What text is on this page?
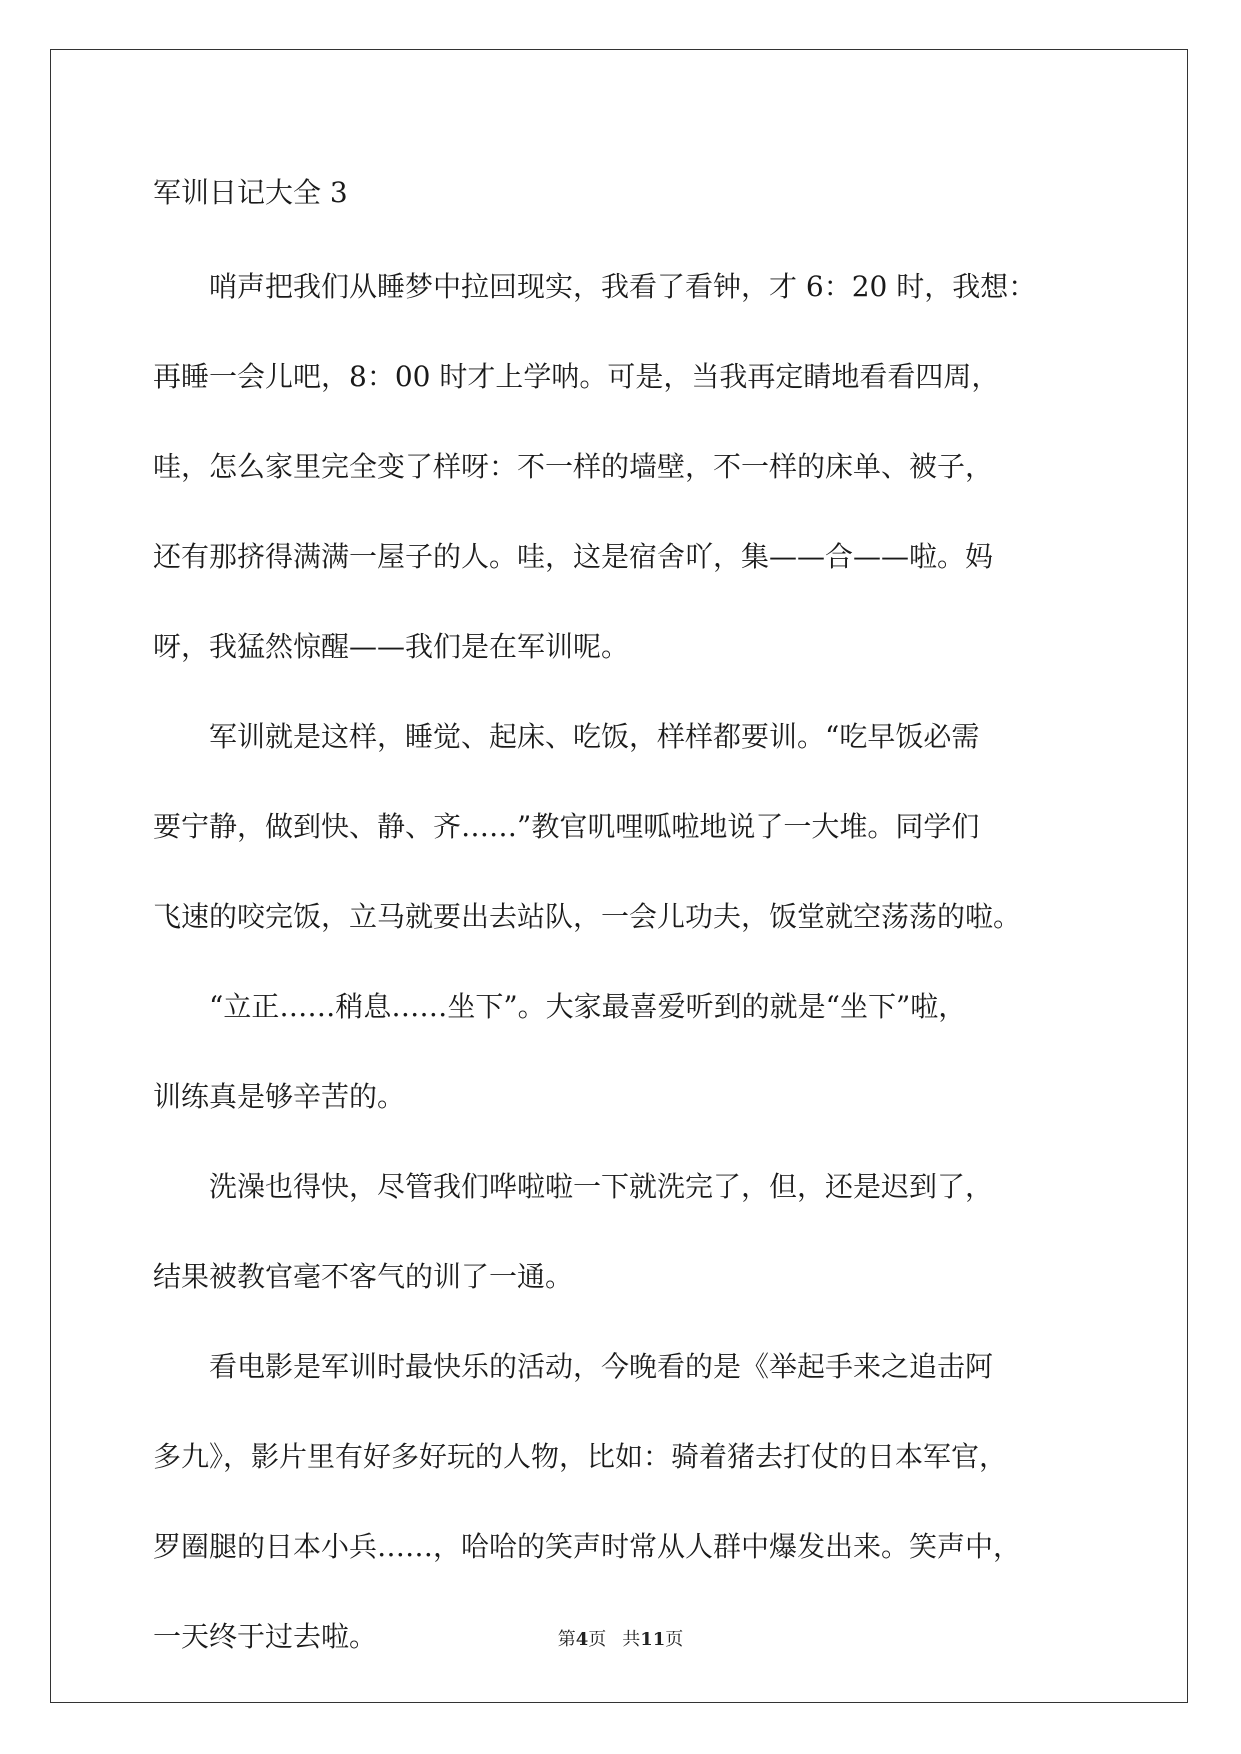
军训日记大全 3
　　哨声把我们从睡梦中拉回现实，我看了看钟，才 6：20 时，我想：
再睡一会儿吧，8：00 时才上学呐。可是，当我再定睛地看看四周，
哇，怎么家里完全变了样呀：不一样的墙壁，不一样的床单、被子，
还有那挤得满满一屋子的人。哇，这是宿舍吖，集——合——啦。妈
呀，我猛然惊醒——我们是在军训呢。
　　军训就是这样，睡觉、起床、吃饭，样样都要训。“吃早饭必需
要宁静，做到快、静、齐……”教官叽哩呱啦地说了一大堆。同学们
飞速的咬完饭，立马就要出去站队，一会儿功夫，饭堂就空荡荡的啦。
　　“立正……稍息……坐下”。大家最喜爱听到的就是“坐下”啦，
训练真是够辛苦的。
　　洗澡也得快，尽管我们哗啦啦一下就洗完了，但，还是迟到了，
结果被教官毫不客气的训了一通。
　　看电影是军训时最快乐的活动，今晚看的是《举起手来之追击阿
多九》，影片里有好多好玩的人物，比如：骑着猪去打仗的日本军官，
罗圈腿的日本小兵……，哈哈的笑声时常从人群中爆发出来。笑声中，
一天终于过去啦。	第4页 共11页
